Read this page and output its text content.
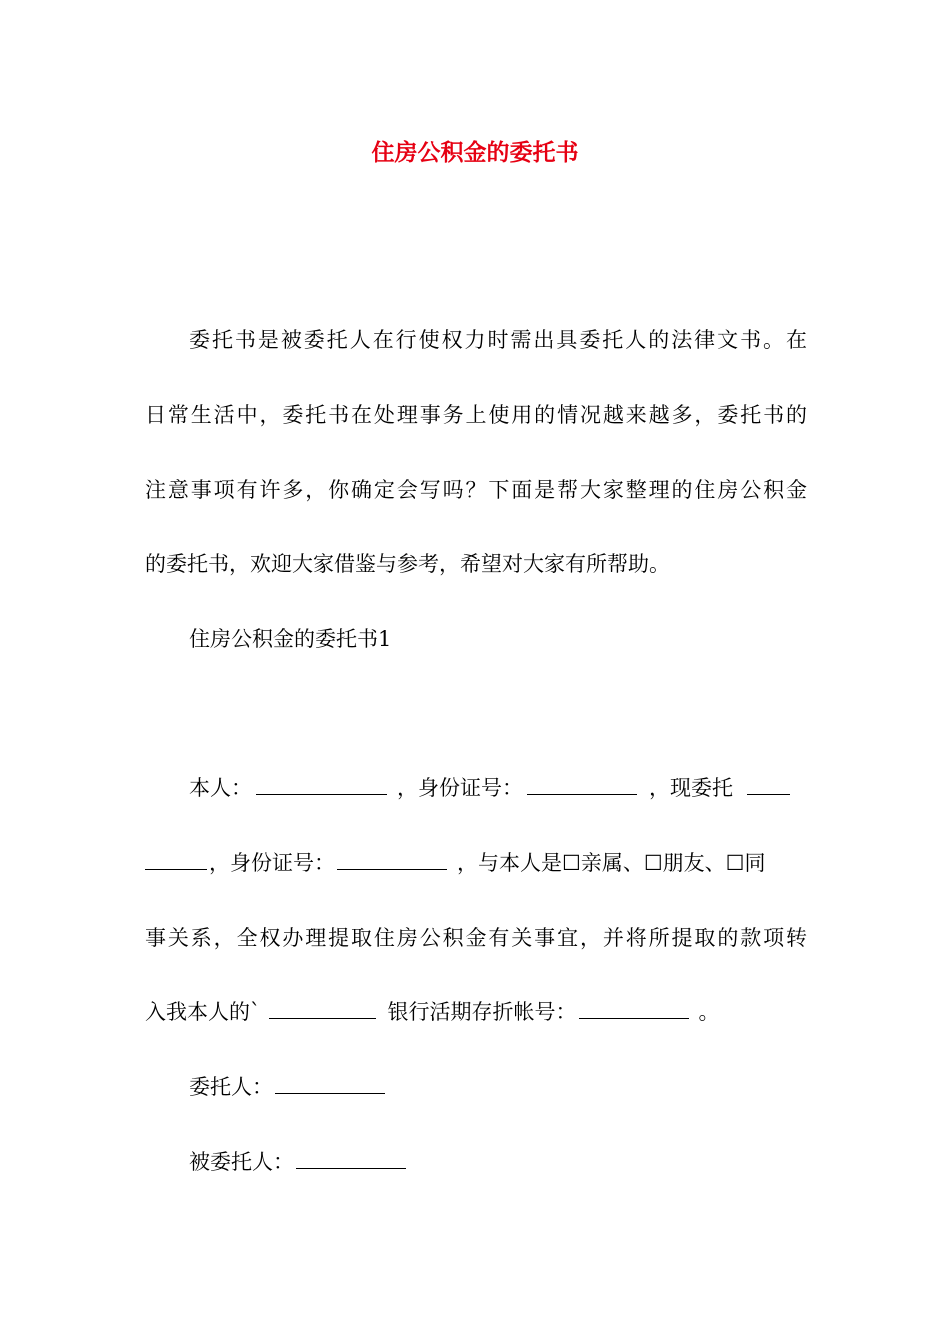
住房公积金的委托书
委托书是被委托人在行使权力时需出具委托人的法律文书。在
日常生活中，委托书在处理事务上使用的情况越来越多，委托书的
注意事项有许多，你确定会写吗？下面是帮大家整理的住房公积金
的委托书，欢迎大家借鉴与参考，希望对大家有所帮助。
住房公积金的委托书1
本人：	，身份证号：	，现委托
，身份证号：	，与本人是☐亲属、☐朋友、☐同
事关系，全权办理提取住房公积金有关事宜，并将所提取的款项转
入我本人的`	银行活期存折帐号：	。
委托人：
被委托人：
